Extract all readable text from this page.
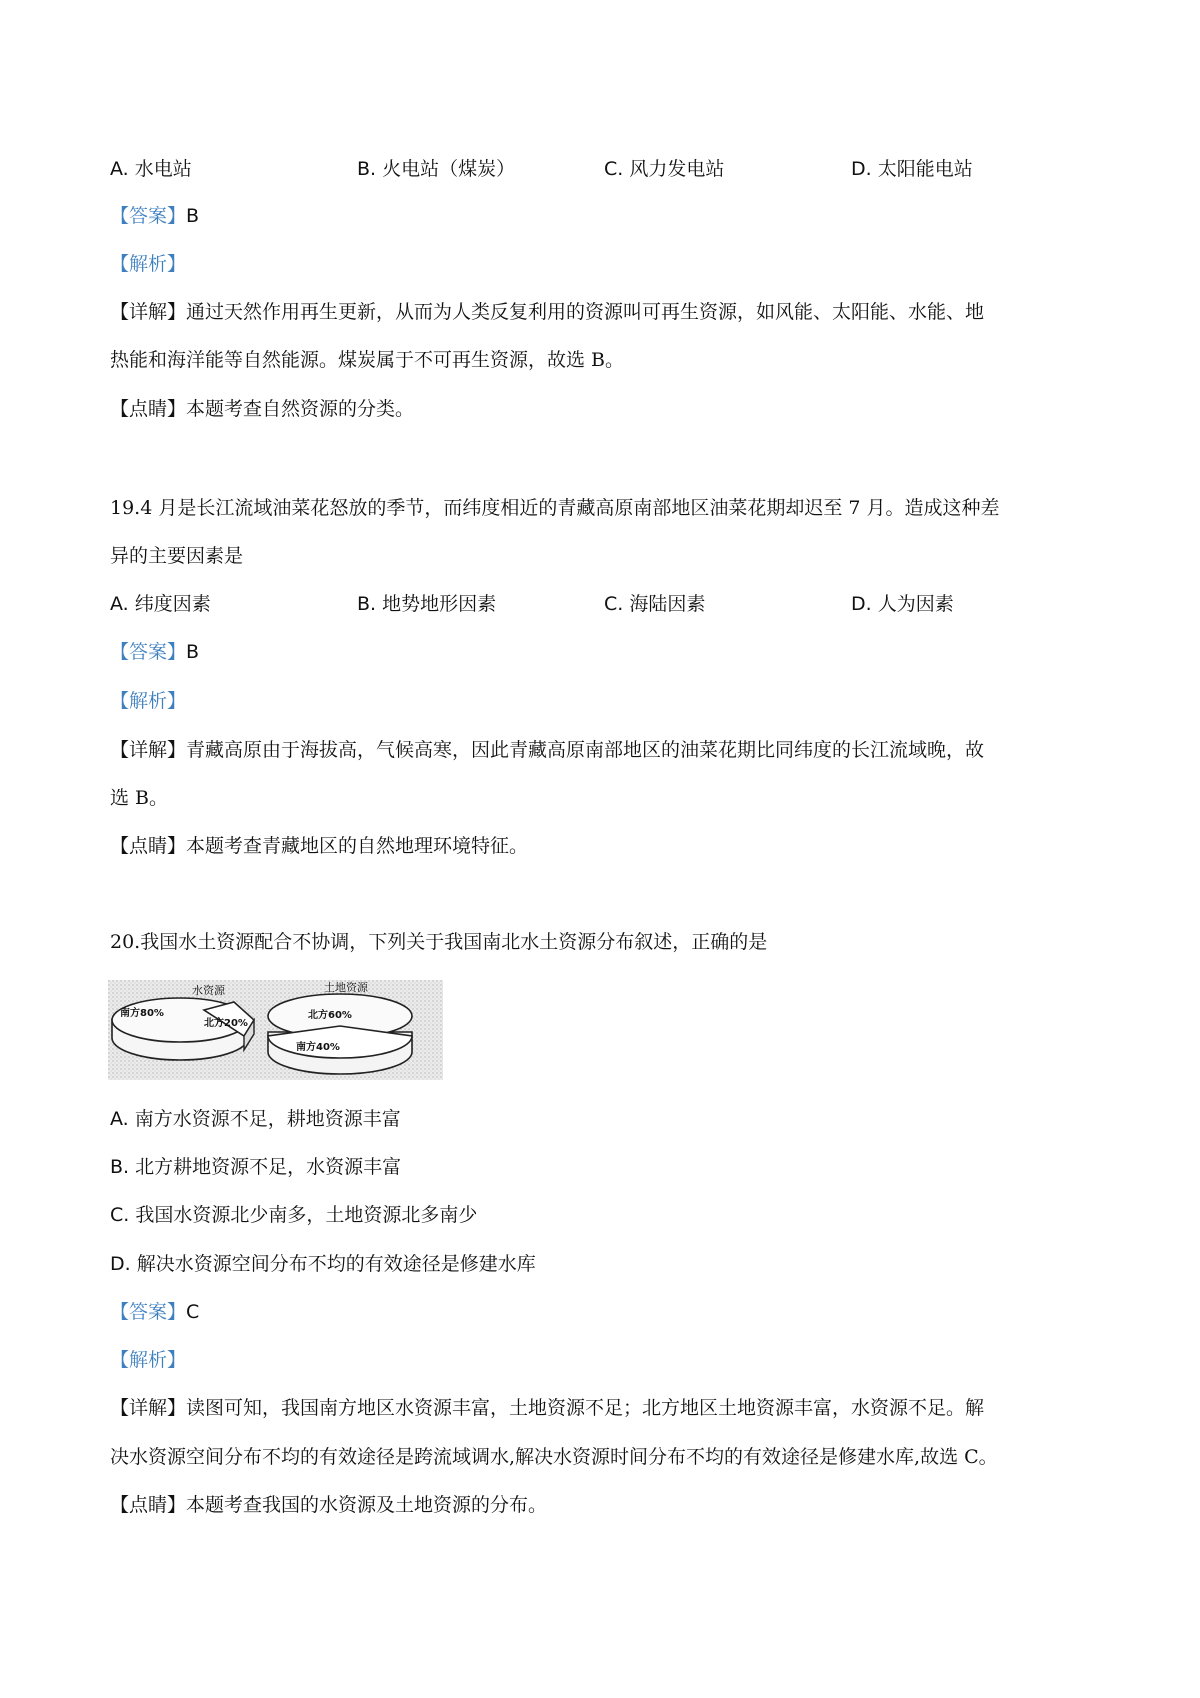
A. 水电站	B. 火电站（煤炭）	C. 风力发电站	D. 太阳能电站
【答案】B
【解析】
【详解】通过天然作用再生更新，从而为人类反复利用的资源叫可再生资源，如风能、太阳能、水能、地
热能和海洋能等自然能源。煤炭属于不可再生资源，故选 B。
【点睛】本题考查自然资源的分类。
19.4 月是长江流域油菜花怒放的季节，而纬度相近的青藏高原南部地区油菜花期却迟至 7 月。造成这种差
异的主要因素是
A. 纬度因素	B. 地势地形因素	C. 海陆因素	D. 人为因素
【答案】B
【解析】
【详解】青藏高原由于海拔高，气候高寒，因此青藏高原南部地区的油菜花期比同纬度的长江流域晚，故
选 B。
【点睛】本题考查青藏地区的自然地理环境特征。
20.我国水土资源配合不协调，下列关于我国南北水土资源分布叙述，正确的是
水资源
南方80%
北方20%
土地资源
北方60%
南方40%
A. 南方水资源不足，耕地资源丰富
B. 北方耕地资源不足，水资源丰富
C. 我国水资源北少南多，土地资源北多南少
D. 解决水资源空间分布不均的有效途径是修建水库
【答案】C
【解析】
【详解】读图可知，我国南方地区水资源丰富，土地资源不足；北方地区土地资源丰富，水资源不足。解
决水资源空间分布不均的有效途径是跨流域调水,解决水资源时间分布不均的有效途径是修建水库,故选 C。
【点睛】本题考查我国的水资源及土地资源的分布。
